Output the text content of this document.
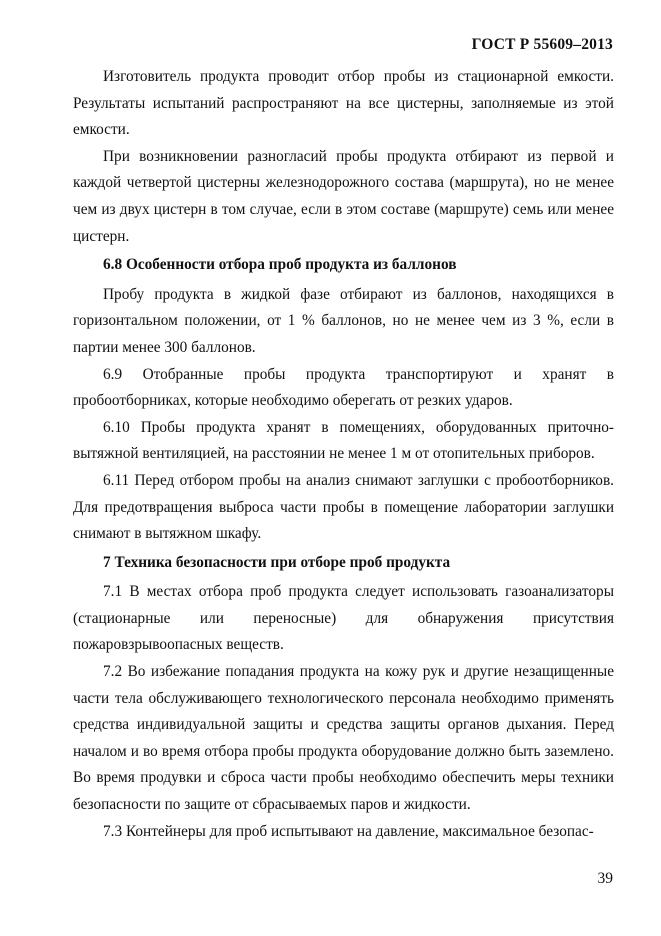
ГОСТ Р 55609–2013

Изготовитель продукта проводит отбор пробы из стационарной емкости. Результаты испытаний распространяют на все цистерны, заполняемые из этой емкости.

При возникновении разногласий пробы продукта отбирают из первой и каждой четвертой цистерны железнодорожного состава (маршрута), но не менее чем из двух цистерн в том случае, если в этом составе (маршруте) семь или менее цистерн.

6.8 Особенности отбора проб продукта из баллонов

Пробу продукта в жидкой фазе отбирают из баллонов, находящихся в горизонтальном положении, от 1 % баллонов, но не менее чем из 3 %, если в партии менее 300 баллонов.

6.9 Отобранные пробы продукта транспортируют и хранят в пробоотборниках, которые необходимо оберегать от резких ударов.

6.10 Пробы продукта хранят в помещениях, оборудованных приточно-вытяжной вентиляцией, на расстоянии не менее 1 м от отопительных приборов.

6.11 Перед отбором пробы на анализ снимают заглушки с пробоотборников. Для предотвращения выброса части пробы в помещение лаборатории заглушки снимают в вытяжном шкафу.

7 Техника безопасности при отборе проб продукта

7.1 В местах отбора проб продукта следует использовать газоанализаторы (стационарные или переносные) для обнаружения присутствия пожаровзрывоопасных веществ.

7.2 Во избежание попадания продукта на кожу рук и другие незащищенные части тела обслуживающего технологического персонала необходимо применять средства индивидуальной защиты и средства защиты органов дыхания. Перед началом и во время отбора пробы продукта оборудование должно быть заземлено. Во время продувки и сброса части пробы необходимо обеспечить меры техники безопасности по защите от сбрасываемых паров и жидкости.

7.3 Контейнеры для проб испытывают на давление, максимальное безопас-

39
